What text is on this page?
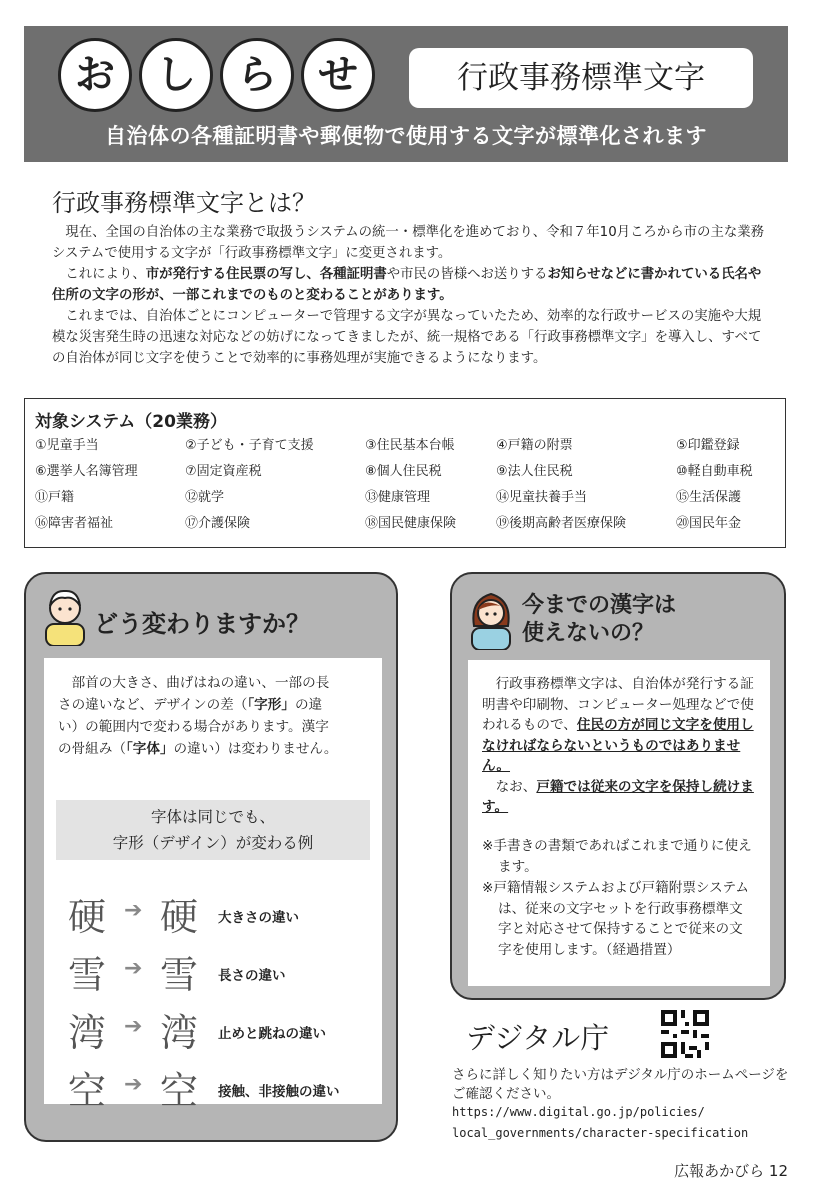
お	し	ら	せ	行政事務標準文字
自治体の各種証明書や郵便物で使用する文字が標準化されます
行政事務標準文字とは？

現在、全国の自治体の主な業務で取扱うシステムの統一・標準化を進めており、令和７年10月ころから市の主な業務システムで使用する文字が「行政事務標準文字」に変更されます。

これにより、市が発行する住民票の写し、各種証明書や市民の皆様へお送りするお知らせなどに書かれている氏名や住所の文字の形が、一部これまでのものと変わることがあります。

これまでは、自治体ごとにコンピューターで管理する文字が異なっていたため、効率的な行政サービスの実施や大規模な災害発生時の迅速な対応などの妨げになってきましたが、統一規格である「行政事務標準文字」を導入し、すべての自治体が同じ文字を使うことで効率的に事務処理が実施できるようになります。

対象システム（20業務）
①児童手当	②子ども・子育て支援	③住民基本台帳	④戸籍の附票	⑤印鑑登録
⑥選挙人名簿管理	⑦固定資産税	⑧個人住民税	⑨法人住民税	⑩軽自動車税
⑪戸籍	⑫就学	⑬健康管理	⑭児童扶養手当	⑮生活保護
⑯障害者福祉	⑰介護保険	⑱国民健康保険	⑲後期高齢者医療保険	⑳国民年金
どう変わりますか？

部首の大きさ、曲げはねの違い、一部の長さの違いなど、デザインの差（「字形」の違い）の範囲内で変わる場合があります。漢字の骨組み（「字体」の違い）は変わりません。

字体は同じでも、
字形（デザイン）が変わる例
硬 ➔ 硬 大きさの違い
雪 ➔ 雪 長さの違い
湾 ➔ 湾 止めと跳ねの違い
空 ➔ 空 接触、非接触の違い
今までの漢字は
使えないの？

行政事務標準文字は、自治体が発行する証明書や印刷物、コンピューター処理などで使われるもので、住民の方が同じ文字を使用しなければならないというものではありません。

なお、戸籍では従来の文字を保持し続けます。

※手書きの書類であればこれまで通りに使えます。
※戸籍情報システムおよび戸籍附票システムは、従来の文字セットを行政事務標準文字と対応させて保持することで従来の文字を使用します。（経過措置）
デジタル庁
さらに詳しく知りたい方はデジタル庁のホームページをご確認ください。
https://www.digital.go.jp/policies/
local_governments/character-specification
広報あかびら 12
